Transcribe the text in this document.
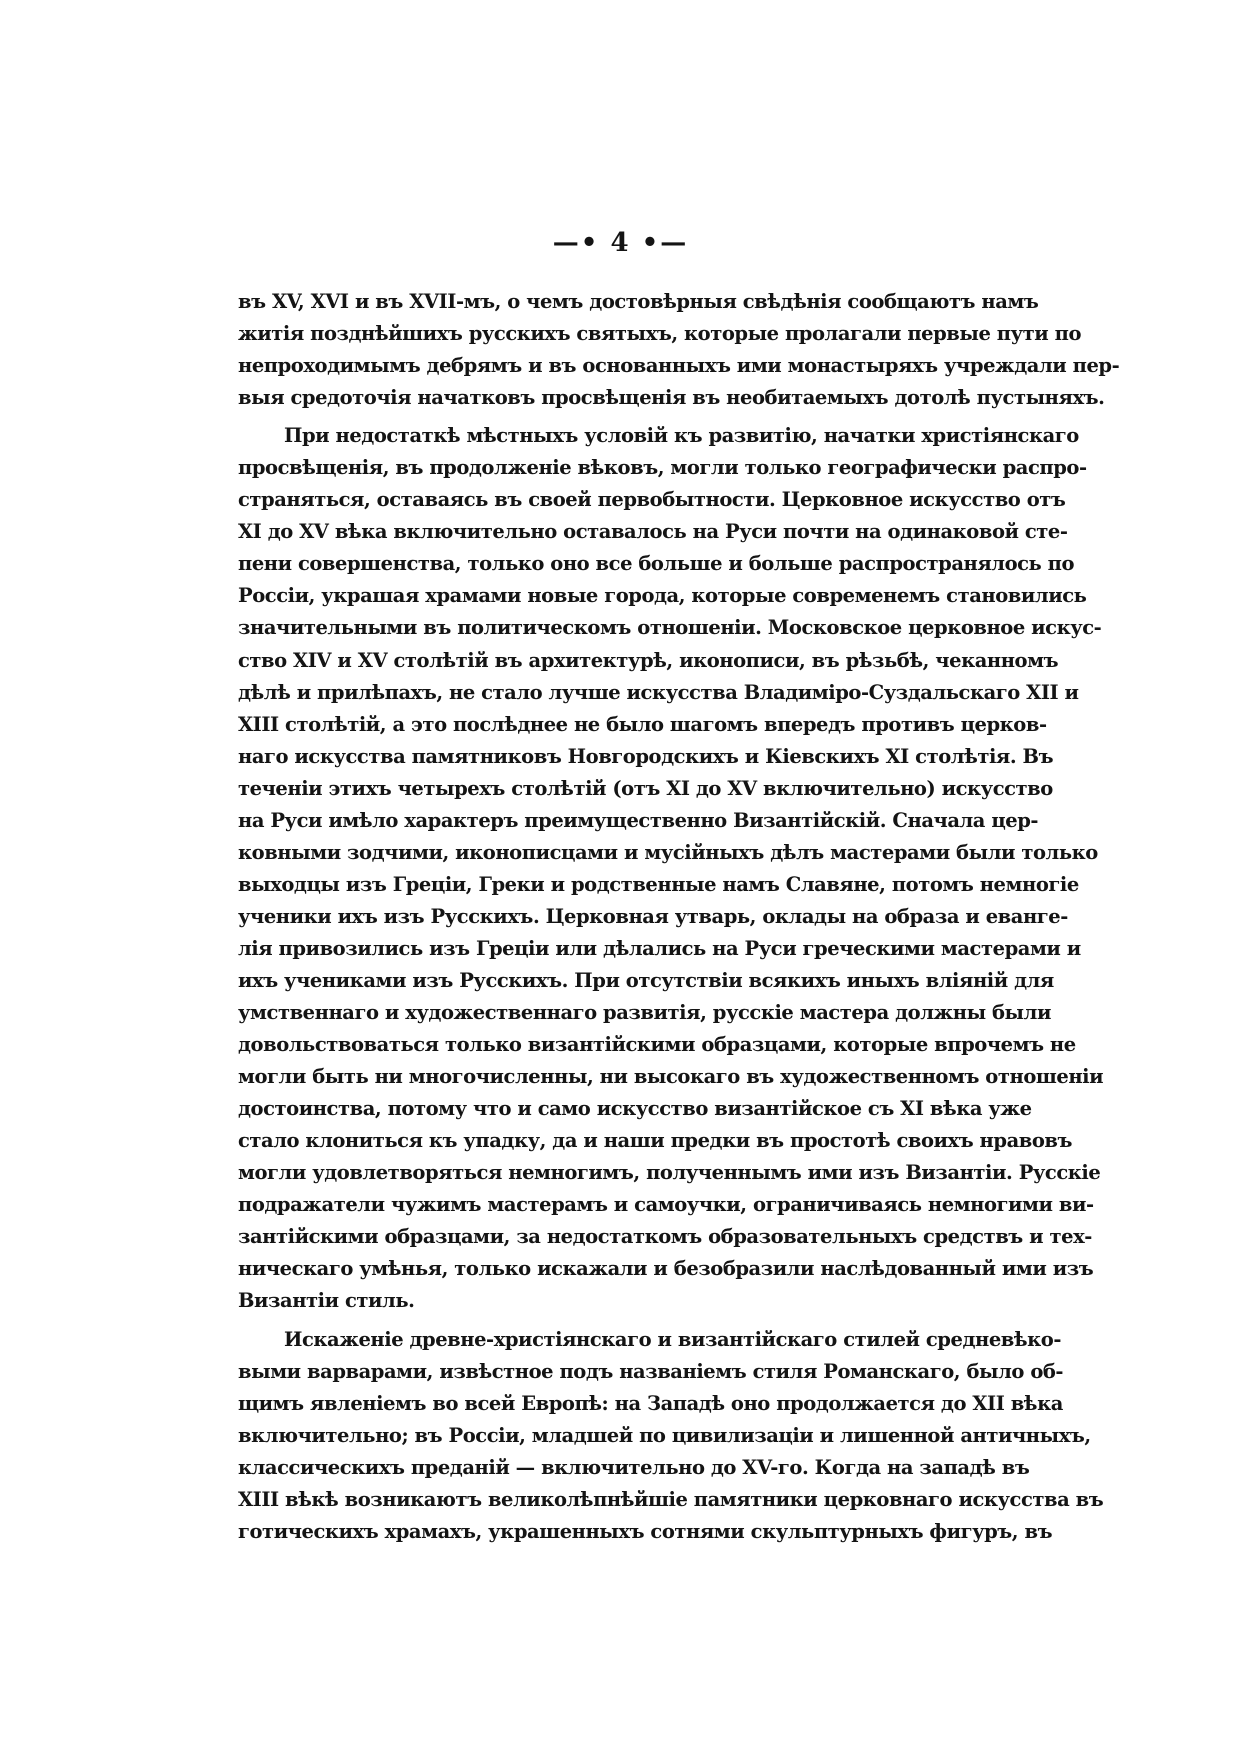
—• 4 •—
въ XV, XVI и въ XVII-мъ, о чемъ достовѣрныя свѣдѣнія сообщаютъ намъ
житія позднѣйшихъ русскихъ святыхъ, которые пролагали первые пути по
непроходимымъ дебрямъ и въ основанныхъ ими монастыряхъ учреждали пер-
выя средоточія начатковъ просвѣщенія въ необитаемыхъ дотолѣ пустыняхъ.
При недостаткѣ мѣстныхъ условій къ развитію, начатки христіянскаго
просвѣщенія, въ продолженіе вѣковъ, могли только географически распро-
страняться, оставаясь въ своей первобытности. Церковное искусство отъ
XI до XV вѣка включительно оставалось на Руси почти на одинаковой сте-
пени совершенства, только оно все больше и больше распространялось по
Россіи, украшая храмами новые города, которые современемъ становились
значительными въ политическомъ отношеніи. Московское церковное искус-
ство XIV и XV столѣтій въ архитектурѣ, иконописи, въ рѣзьбѣ, чеканномъ
дѣлѣ и прилѣпахъ, не стало лучше искусства Владиміро-Суздальскаго XII и
XIII столѣтій, а это послѣднее не было шагомъ впередъ противъ церков-
наго искусства памятниковъ Новгородскихъ и Кіевскихъ XI столѣтія. Въ
теченіи этихъ четырехъ столѣтій (отъ XI до XV включительно) искусство
на Руси имѣло характеръ преимущественно Византійскій. Сначала цер-
ковными зодчими, иконописцами и мусійныхъ дѣлъ мастерами были только
выходцы изъ Греціи, Греки и родственные намъ Славяне, потомъ немногіе
ученики ихъ изъ Русскихъ. Церковная утварь, оклады на образа и еванге-
лія привозились изъ Греціи или дѣлались на Руси греческими мастерами и
ихъ учениками изъ Русскихъ. При отсутствіи всякихъ иныхъ вліяній для
умственнаго и художественнаго развитія, русскіе мастера должны были
довольствоваться только византійскими образцами, которые впрочемъ не
могли быть ни многочисленны, ни высокаго въ художественномъ отношеніи
достоинства, потому что и само искусство византійское съ XI вѣка уже
стало клониться къ упадку, да и наши предки въ простотѣ своихъ нравовъ
могли удовлетворяться немногимъ, полученнымъ ими изъ Византіи. Русскіе
подражатели чужимъ мастерамъ и самоучки, ограничиваясь немногими ви-
зантійскими образцами, за недостаткомъ образовательныхъ средствъ и тех-
ническаго умѣнья, только искажали и безобразили наслѣдованный ими изъ
Византіи стиль.
Искаженіе древне-христіянскаго и византійскаго стилей средневѣко-
выми варварами, извѣстное подъ названіемъ стиля Романскаго, было об-
щимъ явленіемъ во всей Европѣ: на Западѣ оно продолжается до XII вѣка
включительно; въ Россіи, младшей по цивилизаціи и лишенной античныхъ,
классическихъ преданій — включительно до XV-го. Когда на западѣ въ
XIII вѣкѣ возникаютъ великолѣпнѣйшіе памятники церковнаго искусства въ
готическихъ храмахъ, украшенныхъ сотнями скульптурныхъ фигуръ, въ
